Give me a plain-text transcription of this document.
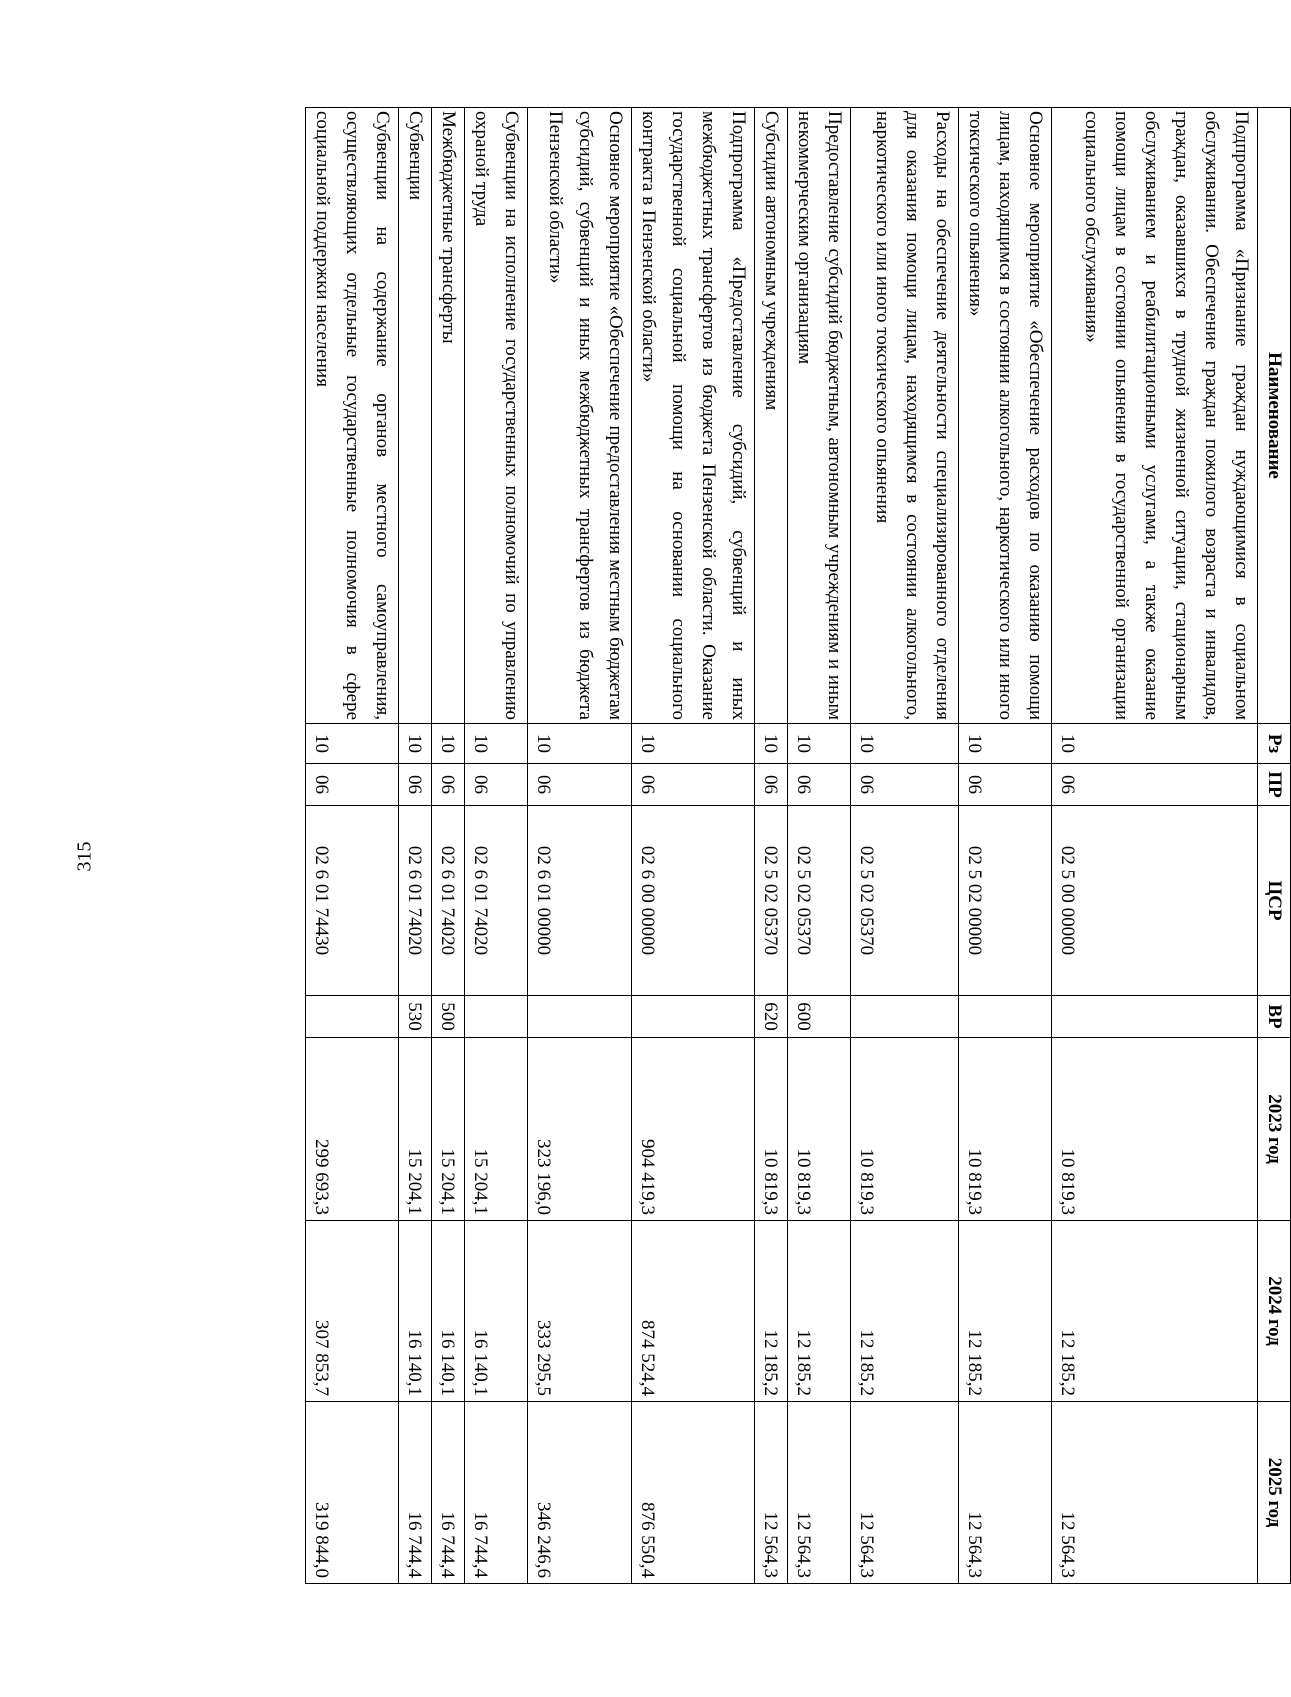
315
Наименование	Рз	ПР	ЦСР	ВР	2023 год	2024 год	2025 год
Подпрограмма «Признание граждан нуждающимися в социальном обслуживании. Обеспечение граждан пожилого возраста и инвалидов, граждан, оказавшихся в трудной жизненной ситуации, стационарным обслуживанием и реабилитационными услугами, а также оказание помощи лицам в состоянии опьянения в государственной организации социального обслуживания»	10	06	02 5 00 00000		10 819,3	12 185,2	12 564,3
Основное мероприятие «Обеспечение расходов по оказанию помощи лицам, находящимся в состоянии алкогольного, наркотического или иного токсического опьянения»	10	06	02 5 02 00000		10 819,3	12 185,2	12 564,3
Расходы на обеспечение деятельности специализированного отделения для оказания помощи лицам, находящимся в состоянии алкогольного, наркотического или иного токсического опьянения	10	06	02 5 02 05370		10 819,3	12 185,2	12 564,3
Предоставление субсидий бюджетным, автономным учреждениям и иным некоммерческим организациям	10	06	02 5 02 05370	600	10 819,3	12 185,2	12 564,3
Субсидии автономным учреждениям	10	06	02 5 02 05370	620	10 819,3	12 185,2	12 564,3
Подпрограмма «Предоставление субсидий, субвенций и иных межбюджетных трансфертов из бюджета Пензенской области. Оказание государственной социальной помощи на основании социального контракта в Пензенской области»	10	06	02 6 00 00000		904 419,3	874 524,4	876 550,4
Основное мероприятие «Обеспечение предоставления местным бюджетам субсидий, субвенций и иных межбюджетных трансфертов из бюджета Пензенской области»	10	06	02 6 01 00000		323 196,0	333 295,5	346 246,6
Субвенции на исполнение государственных полномочий по управлению охраной труда	10	06	02 6 01 74020		15 204,1	16 140,1	16 744,4
Межбюджетные трансферты	10	06	02 6 01 74020	500	15 204,1	16 140,1	16 744,4
Субвенции	10	06	02 6 01 74020	530	15 204,1	16 140,1	16 744,4
Субвенции на содержание органов местного самоуправления, осуществляющих отдельные государственные полномочия в сфере социальной поддержки населения	10	06	02 6 01 74430		299 693,3	307 853,7	319 844,0
